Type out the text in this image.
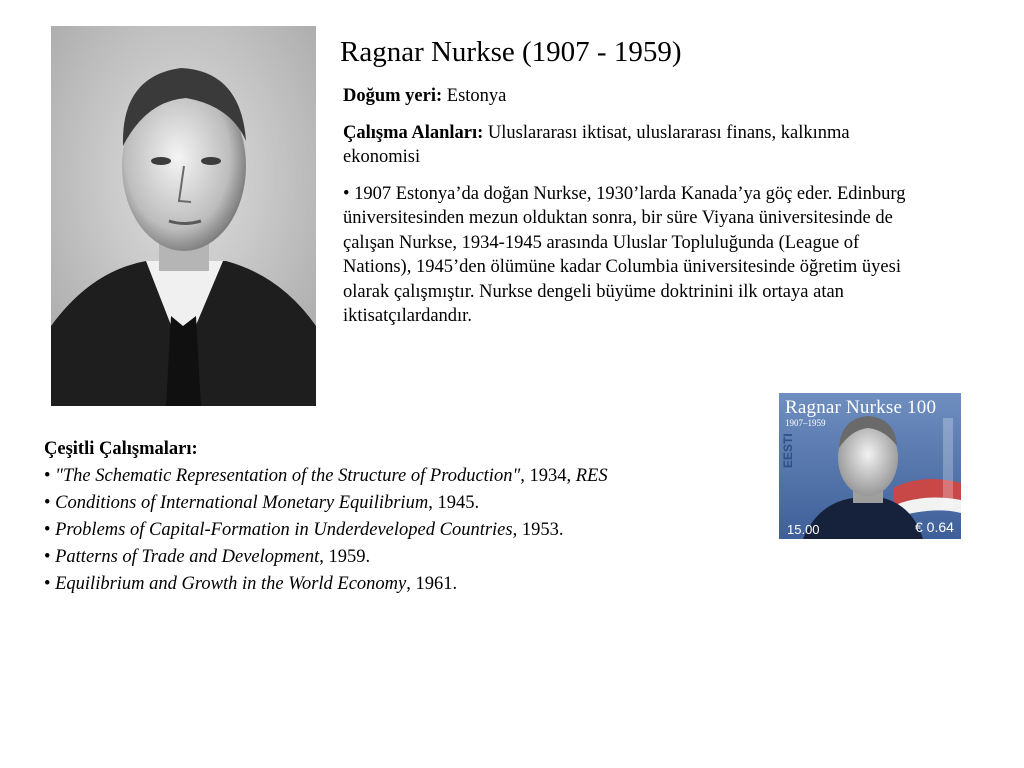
Ragnar Nurkse (1907 - 1959)

Doğum yeri: Estonya

Çalışma Alanları: Uluslararası iktisat, uluslararası finans, kalkınma ekonomisi

• 1907 Estonya’da doğan Nurkse, 1930’larda Kanada’ya göç eder. Edinburg üniversitesinden mezun olduktan sonra, bir süre Viyana üniversitesinde de çalışan Nurkse, 1934-1945 arasında Uluslar Topluluğunda (League of Nations), 1945’den ölümüne kadar Columbia üniversitesinde öğretim üyesi olarak çalışmıştır. Nurkse dengeli büyüme doktrinini ilk ortaya atan iktisatçılardandır.

Ragnar Nurkse 100
1907–1959
EESTI
15.00	€ 0.64
Çeşitli Çalışmaları:
• "The Schematic Representation of the Structure of Production", 1934, RES
• Conditions of International Monetary Equilibrium, 1945.
• Problems of Capital-Formation in Underdeveloped Countries, 1953.
• Patterns of Trade and Development, 1959.
• Equilibrium and Growth in the World Economy, 1961.
